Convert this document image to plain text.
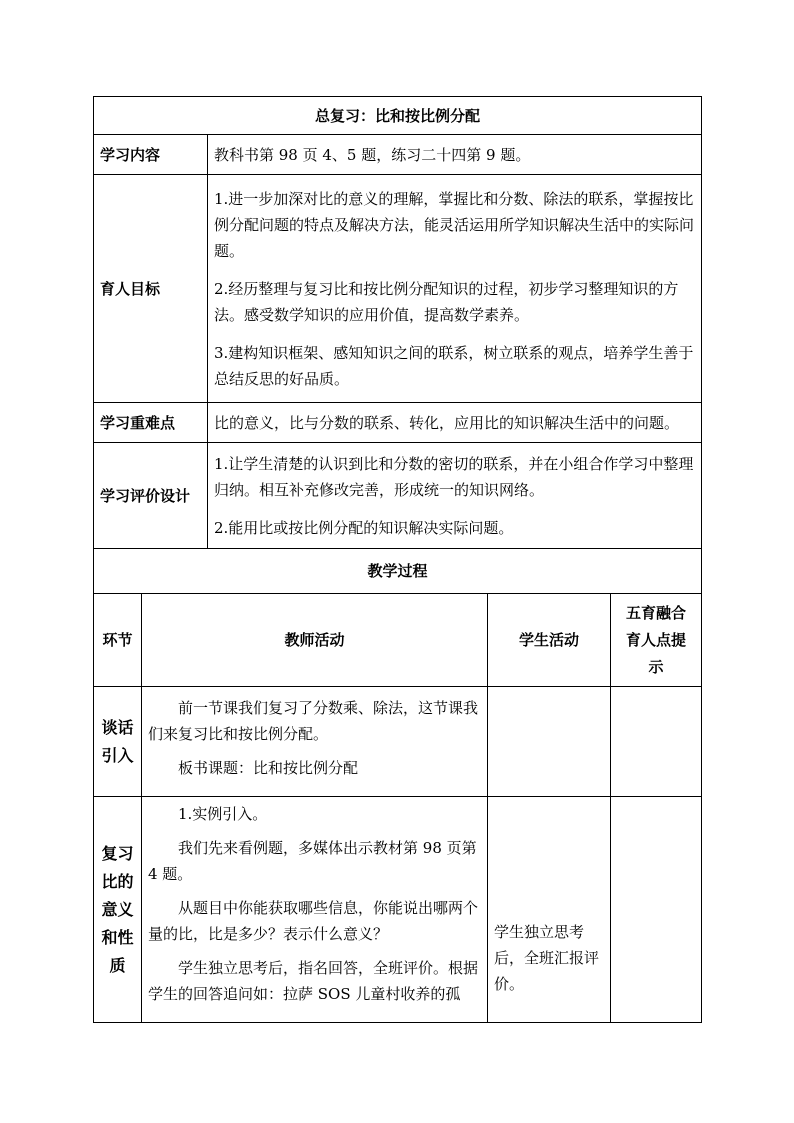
总复习：比和按比例分配				
学习内容		教科书第 98 页 4、5 题，练习二十四第 9 题。		
育人目标		1.进一步加深对比的意义的理解，掌握比和分数、除法的联系，掌握按比例分配问题的特点及解决方法，能灵活运用所学知识解决生活中的实际问题。

2.经历整理与复习比和按比例分配知识的过程，初步学习整理知识的方法。感受数学知识的应用价值，提高数学素养。

3.建构知识框架、感知知识之间的联系，树立联系的观点，培养学生善于总结反思的好品质。		

学习重难点		比的意义，比与分数的联系、转化，应用比的知识解决生活中的问题。		
学习评价设计		1.让学生清楚的认识到比和分数的密切的联系，并在小组合作学习中整理归纳。相互补充修改完善，形成统一的知识网络。

2.能用比或按比例分配的知识解决实际问题。		

教学过程				
环节	教师活动		学生活动	五育融合育人点提示
谈话引入	前一节课我们复习了分数乘、除法，这节课我们来复习比和按比例分配。

板书课题：比和按比例分配			

复习比的意义和性质	1.实例引入。

我们先来看例题，多媒体出示教材第 98 页第 4 题。

从题目中你能获取哪些信息，你能说出哪两个量的比，比是多少？表示什么意义？

学生独立思考后，指名回答，全班评价。根据学生的回答追问如：拉萨 SOS 儿童村收养的孤		学生独立思考后，全班汇报评价。	
